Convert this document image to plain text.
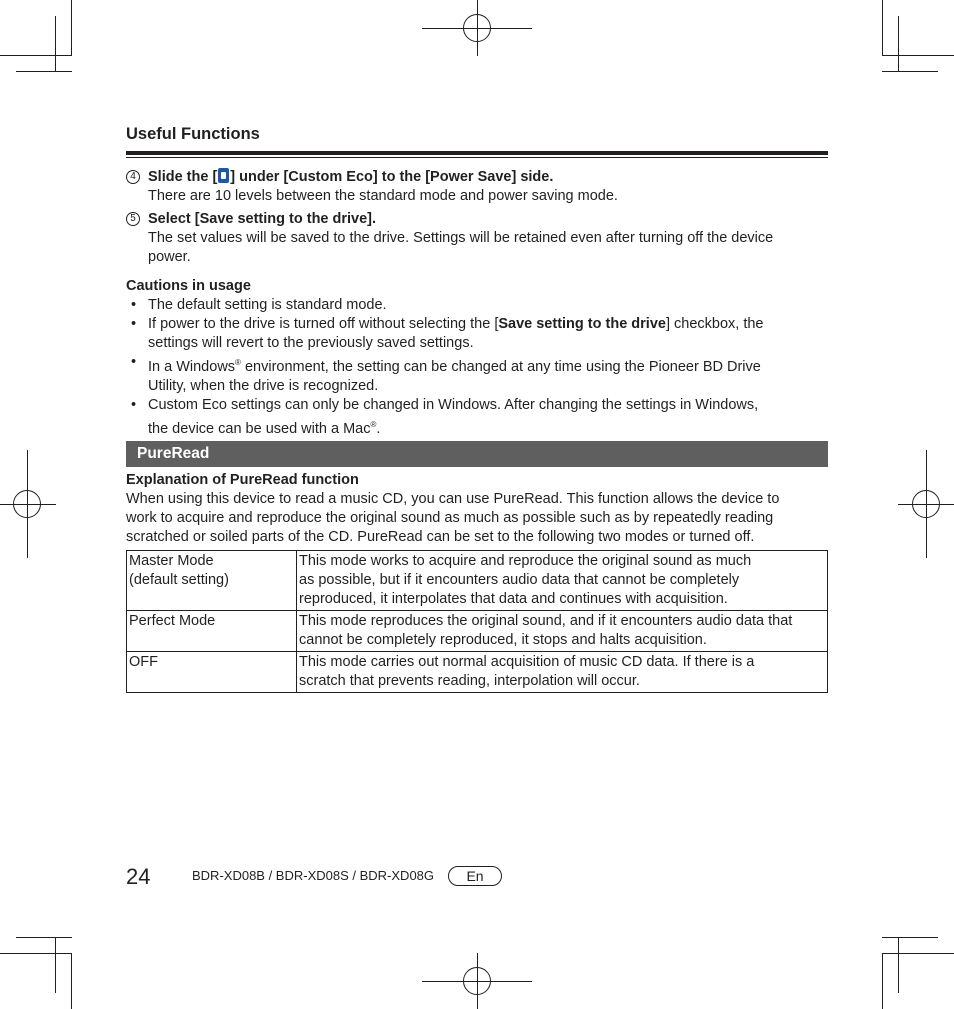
Useful Functions
4 Slide the [ ] under [Custom Eco] to the [Power Save] side.
There are 10 levels between the standard mode and power saving mode.
5 Select [Save setting to the drive].
The set values will be saved to the drive. Settings will be retained even after turning off the device
power.
Cautions in usage
• The default setting is standard mode.
• If power to the drive is turned off without selecting the [Save setting to the drive] checkbox, the
settings will revert to the previously saved settings.
• In a Windows® environment, the setting can be changed at any time using the Pioneer BD Drive
Utility, when the drive is recognized.
• Custom Eco settings can only be changed in Windows. After changing the settings in Windows,
the device can be used with a Mac®.
PureRead
Explanation of PureRead function
When using this device to read a music CD, you can use PureRead. This function allows the device to
work to acquire and reproduce the original sound as much as possible such as by repeatedly reading
scratched or soiled parts of the CD. PureRead can be set to the following two modes or turned off.
Master Mode
(default setting)	This mode works to acquire and reproduce the original sound as much
as possible, but if it encounters audio data that cannot be completely
reproduced, it interpolates that data and continues with acquisition.
Perfect Mode	This mode reproduces the original sound, and if it encounters audio data that
cannot be completely reproduced, it stops and halts acquisition.
OFF	This mode carries out normal acquisition of music CD data. If there is a
scratch that prevents reading, interpolation will occur.
24	BDR-XD08B / BDR-XD08S / BDR-XD08G	En
